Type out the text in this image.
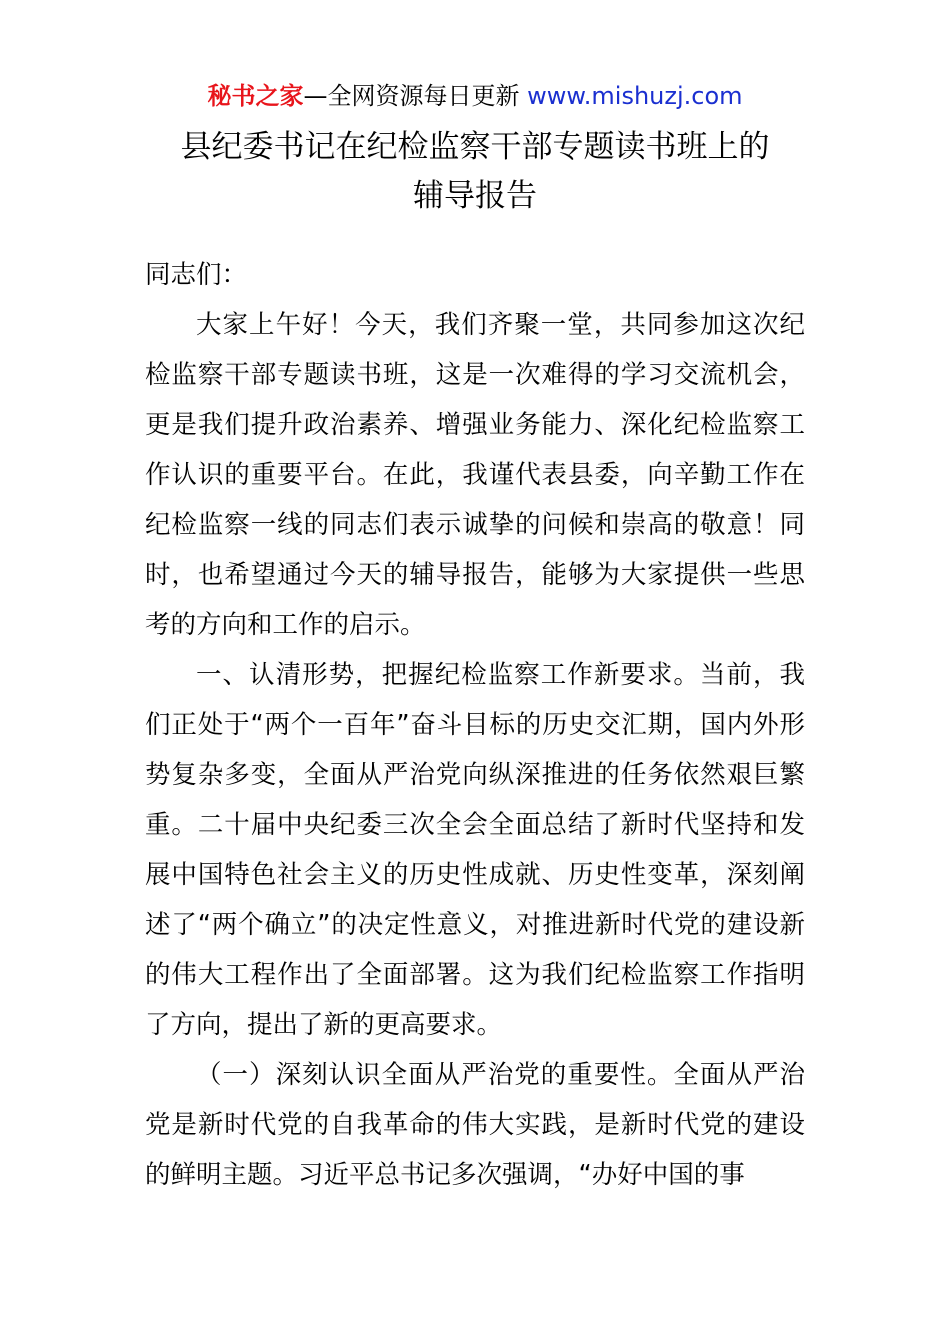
秘书之家—全网资源每日更新 www.mishuzj.com
县纪委书记在纪检监察干部专题读书班上的
辅导报告

同志们：

大家上午好！今天，我们齐聚一堂，共同参加这次纪检监察干部专题读书班，这是一次难得的学习交流机会，更是我们提升政治素养、增强业务能力、深化纪检监察工作认识的重要平台。在此，我谨代表县委，向辛勤工作在纪检监察一线的同志们表示诚挚的问候和崇高的敬意！同时，也希望通过今天的辅导报告，能够为大家提供一些思考的方向和工作的启示。

一、认清形势，把握纪检监察工作新要求。当前，我们正处于“两个一百年”奋斗目标的历史交汇期，国内外形势复杂多变，全面从严治党向纵深推进的任务依然艰巨繁重。二十届中央纪委三次全会全面总结了新时代坚持和发展中国特色社会主义的历史性成就、历史性变革，深刻阐述了“两个确立”的决定性意义，对推进新时代党的建设新的伟大工程作出了全面部署。这为我们纪检监察工作指明了方向，提出了新的更高要求。

（一）深刻认识全面从严治党的重要性。全面从严治党是新时代党的自我革命的伟大实践，是新时代党的建设的鲜明主题。习近平总书记多次强调，“办好中国的事
